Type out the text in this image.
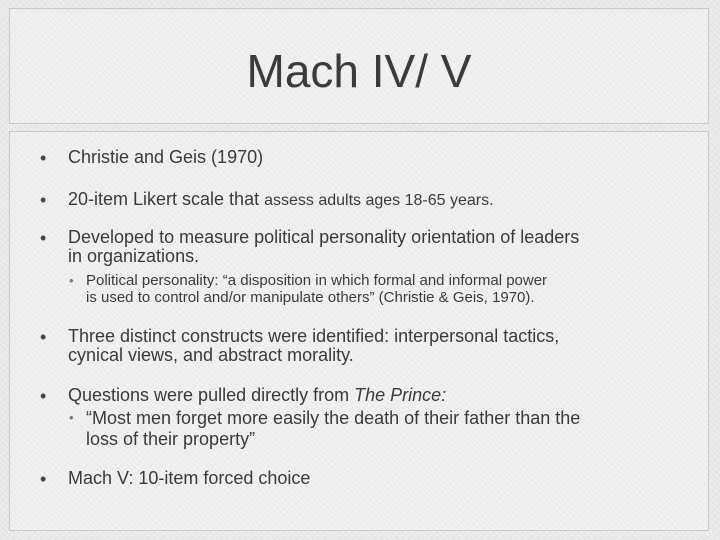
Mach IV/ V
• Christie and Geis (1970)
• 20-item Likert scale that assess adults ages 18-65 years.
• Developed to measure political personality orientation of leaders
in organizations.
• Political personality: “a disposition in which formal and informal power
is used to control and/or manipulate others” (Christie & Geis, 1970).
• Three distinct constructs were identified: interpersonal tactics,
cynical views, and abstract morality.
• Questions were pulled directly from The Prince:
• “Most men forget more easily the death of their father than the
loss of their property”
• Mach V: 10-item forced choice
